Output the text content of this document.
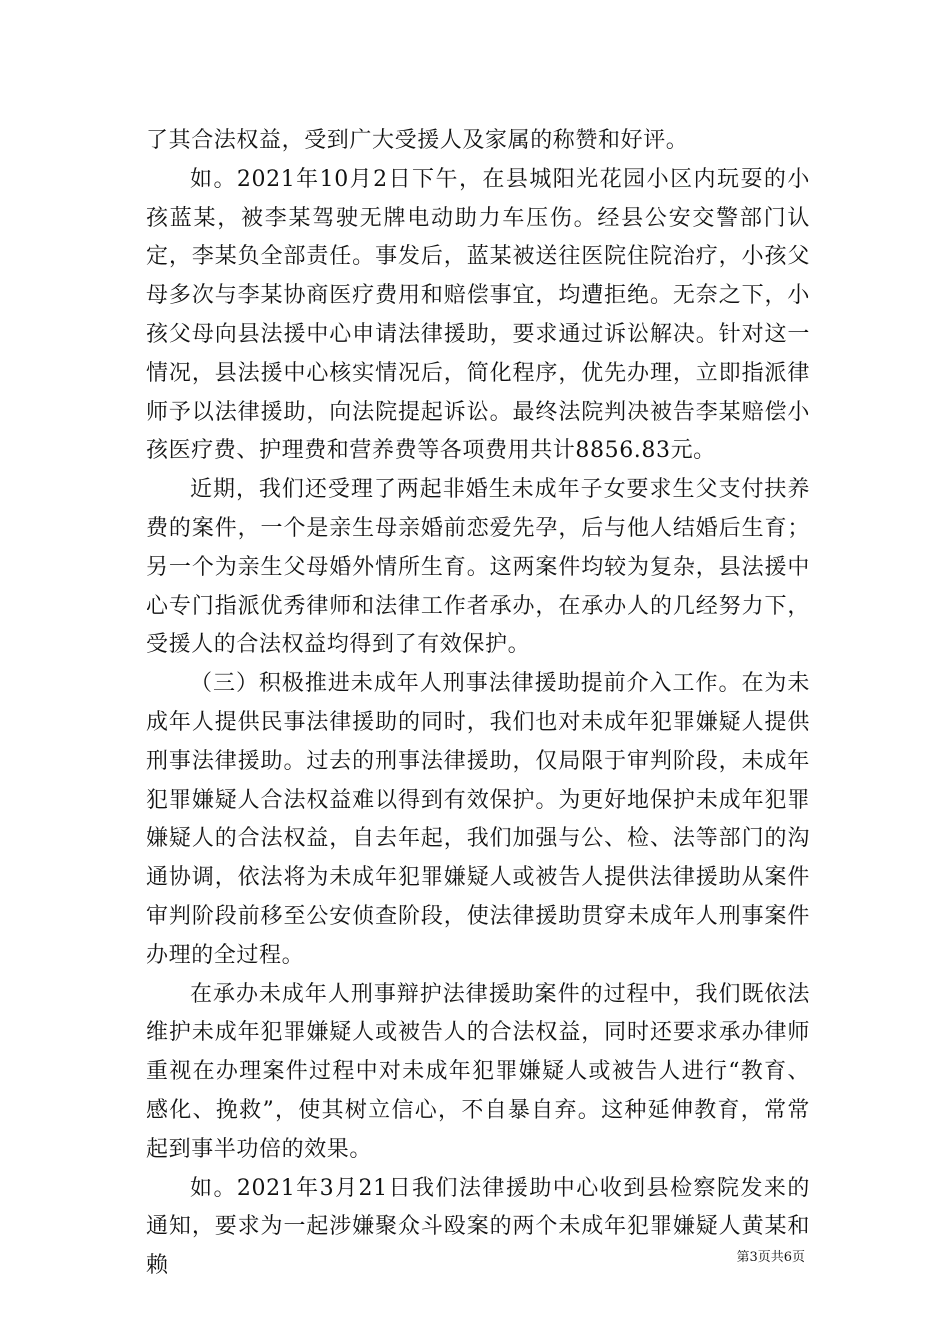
了其合法权益，受到广大受援人及家属的称赞和好评。

如。2021年10月2日下午，在县城阳光花园小区内玩耍的小孩蓝某，被李某驾驶无牌电动助力车压伤。经县公安交警部门认定，李某负全部责任。事发后，蓝某被送往医院住院治疗，小孩父母多次与李某协商医疗费用和赔偿事宜，均遭拒绝。无奈之下，小孩父母向县法援中心申请法律援助，要求通过诉讼解决。针对这一情况，县法援中心核实情况后，简化程序，优先办理，立即指派律师予以法律援助，向法院提起诉讼。最终法院判决被告李某赔偿小孩医疗费、护理费和营养费等各项费用共计8856.83元。

近期，我们还受理了两起非婚生未成年子女要求生父支付扶养费的案件，一个是亲生母亲婚前恋爱先孕，后与他人结婚后生育；另一个为亲生父母婚外情所生育。这两案件均较为复杂，县法援中心专门指派优秀律师和法律工作者承办，在承办人的几经努力下，受援人的合法权益均得到了有效保护。

（三）积极推进未成年人刑事法律援助提前介入工作。在为未成年人提供民事法律援助的同时，我们也对未成年犯罪嫌疑人提供刑事法律援助。过去的刑事法律援助，仅局限于审判阶段，未成年犯罪嫌疑人合法权益难以得到有效保护。为更好地保护未成年犯罪嫌疑人的合法权益，自去年起，我们加强与公、检、法等部门的沟通协调，依法将为未成年犯罪嫌疑人或被告人提供法律援助从案件审判阶段前移至公安侦查阶段，使法律援助贯穿未成年人刑事案件办理的全过程。

在承办未成年人刑事辩护法律援助案件的过程中，我们既依法维护未成年犯罪嫌疑人或被告人的合法权益，同时还要求承办律师重视在办理案件过程中对未成年犯罪嫌疑人或被告人进行“教育、感化、挽救”，使其树立信心，不自暴自弃。这种延伸教育，常常起到事半功倍的效果。

如。2021年3月21日我们法律援助中心收到县检察院发来的通知，要求为一起涉嫌聚众斗殴案的两个未成年犯罪嫌疑人黄某和赖	第3页共6页
